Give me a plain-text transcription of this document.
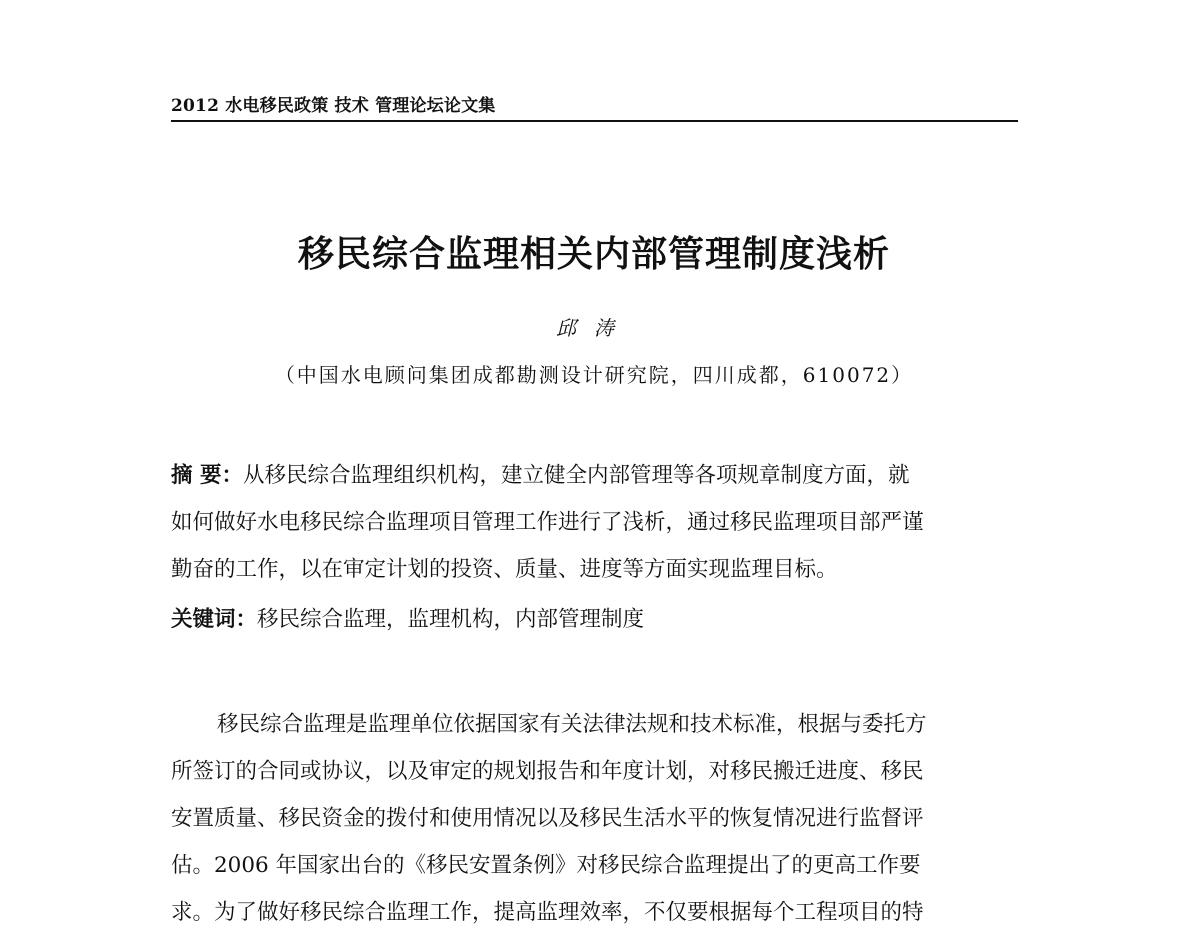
2012 水电移民政策 技术 管理论坛论文集
移民综合监理相关内部管理制度浅析
邱涛
（中国水电顾问集团成都勘测设计研究院，四川成都，610072）
摘 要：从移民综合监理组织机构，建立健全内部管理等各项规章制度方面，就
如何做好水电移民综合监理项目管理工作进行了浅析，通过移民监理项目部严谨
勤奋的工作，以在审定计划的投资、质量、进度等方面实现监理目标。
关键词：移民综合监理，监理机构，内部管理制度
移民综合监理是监理单位依据国家有关法律法规和技术标准，根据与委托方
所签订的合同或协议，以及审定的规划报告和年度计划，对移民搬迁进度、移民
安置质量、移民资金的拨付和使用情况以及移民生活水平的恢复情况进行监督评
估。2006 年国家出台的《移民安置条例》对移民综合监理提出了的更高工作要
求。为了做好移民综合监理工作，提高监理效率，不仅要根据每个工程项目的特
